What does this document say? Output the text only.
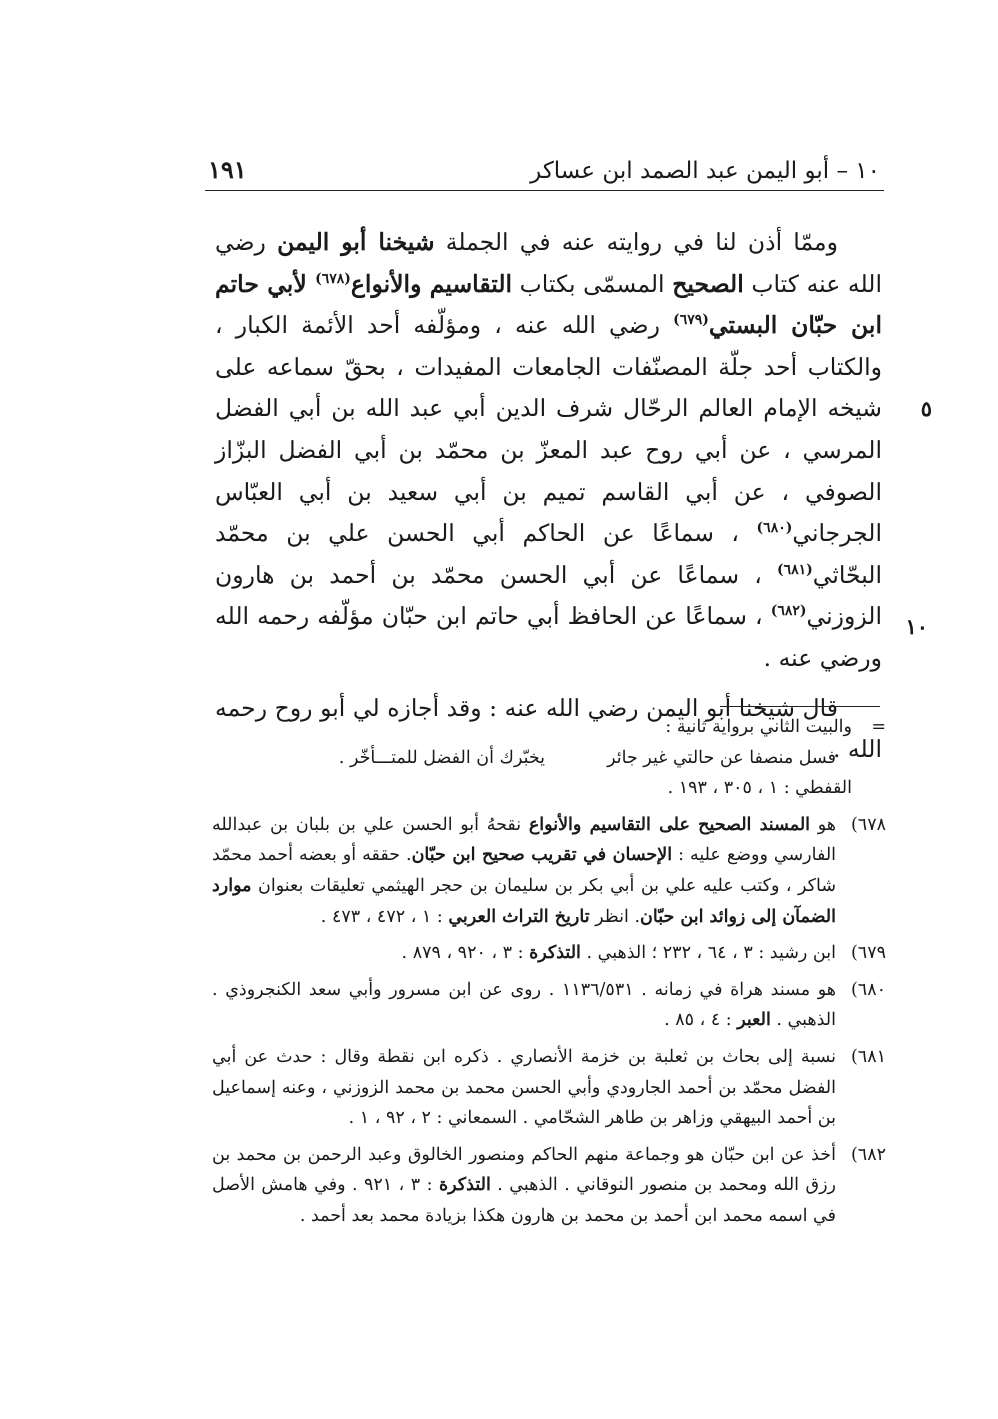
١٠ – أبو اليمن عبد الصمد ابن عساكر
١٩١
٥
١٠

وممّا أذن لنا في روايته عنه في الجملة شيخنا أبو اليمن رضي الله عنه كتاب الصحيح المسمّى بكتاب التقاسيم والأنواع$^{(٦٧٨)}$ لأبي حاتم ابن حبّان البستي$^{(٦٧٩)}$ رضي الله عنه ، ومؤلّفه أحد الأئمة الكبار ، والكتاب أحد جلّة المصنّفات الجامعات المفيدات ، بحقّ سماعه على شيخه الإمام العالم الرحّال شرف الدين أبي عبد الله بن أبي الفضل المرسي ، عن أبي روح عبد المعزّ بن محمّد بن أبي الفضل البزّاز الصوفي ، عن أبي القاسم تميم بن أبي سعيد بن أبي العبّاس الجرجاني$^{(٦٨٠)}$ ، سماعًا عن الحاكم أبي الحسن علي بن محمّد البحّاثي$^{(٦٨١)}$ ، سماعًا عن أبي الحسن محمّد بن أحمد بن هارون الزوزني$^{(٦٨٢)}$ ، سماعًا عن الحافظ أبي حاتم ابن حبّان مؤلّفه رحمه الله ورضي عنه .

قال شيخنا أبو اليمن رضي الله عنه : وقد أجازه لي أبو روح رحمه الله .

=
والبيت الثاني برواية ثانية :
فسل منصفا عن حالتي غير جائر
يخبّرك أن الفضل للمتـــأخّر .
القفطي : ١ ، ٣٠٥ ، ١٩٣ .
٦٧٨)
هو المسند الصحيح على التقاسيم والأنواع نقحهُ أبو الحسن علي بن بلبان بن عبدالله الفارسي ووضع عليه : الإحسان في تقريب صحيح ابن حبّان. حققه أو بعضه أحمد محمّد شاكر ، وكتب عليه علي بن أبي بكر بن سليمان بن حجر الهيثمي تعليقات بعنوان موارد الضمآن إلى زوائد ابن حبّان. انظر تاريخ التراث العربي : ١ ، ٤٧٢ ، ٤٧٣ .
٦٧٩)
ابن رشيد : ٣ ، ٦٤ ، ٢٣٢ ؛ الذهبي . التذكرة : ٣ ، ٩٢٠ ، ٨٧٩ .
٦٨٠)
هو مسند هراة في زمانه . ١١٣٦/٥٣١ . روى عن ابن مسرور وأبي سعد الكنجروذي . الذهبي . العبر : ٤ ، ٨٥ .
٦٨١)
نسبة إلى بحاث بن ثعلبة بن خزمة الأنصاري . ذكره ابن نقطة وقال : حدث عن أبي الفضل محمّد بن أحمد الجارودي وأبي الحسن محمد بن محمد الزوزني ، وعنه إسماعيل بن أحمد البيهقي وزاهر بن طاهر الشحّامي . السمعاني : ٢ ، ٩٢ ، ١ .
٦٨٢)
أخذ عن ابن حبّان هو وجماعة منهم الحاكم ومنصور الخالوق وعبد الرحمن بن محمد بن رزق الله ومحمد بن منصور النوقاني . الذهبي . التذكرة : ٣ ، ٩٢١ . وفي هامش الأصل في اسمه محمد ابن أحمد بن محمد بن هارون هكذا بزيادة محمد بعد أحمد .
